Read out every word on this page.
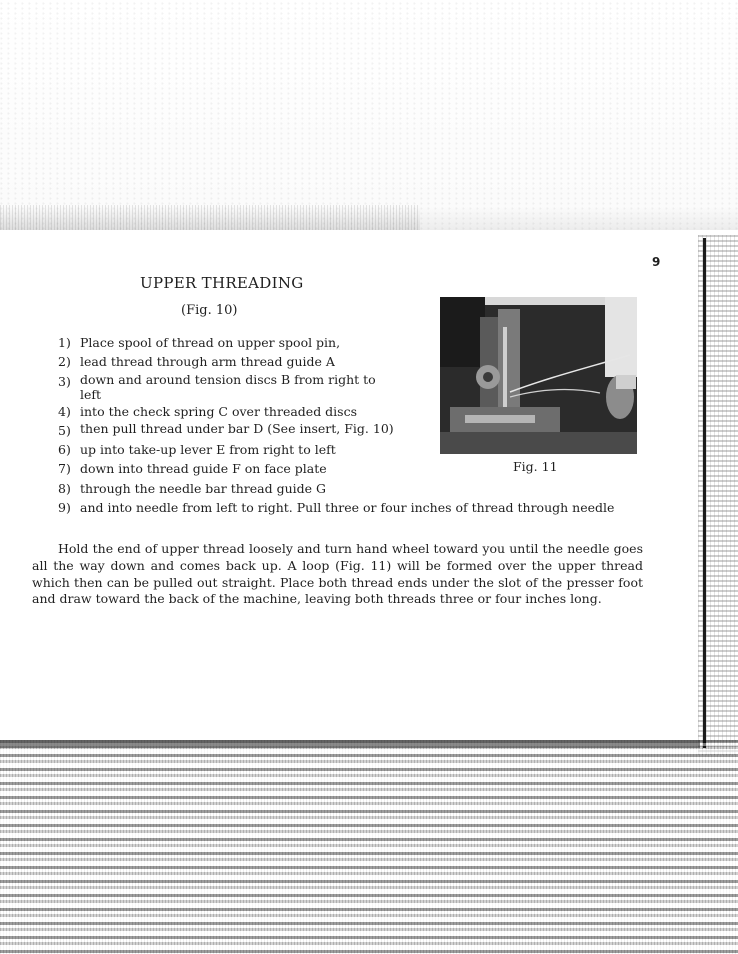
9
UPPER THREADING
(Fig. 10)
1) Place spool of thread on upper spool pin,
2) lead thread through arm thread guide A
3) down and around tension discs B from right to left
4) into the check spring C over threaded discs
5) then pull thread under bar D (See insert, Fig. 10)
6) up into take-up lever E from right to left
7) down into thread guide F on face plate
8) through the needle bar thread guide G
9) and into needle from left to right. Pull three or four inches of thread through needle
Fig. 11

Hold the end of upper thread loosely and turn hand wheel toward you until the needle goes all the way down and comes back up. A loop (Fig. 11) will be formed over the upper thread which then can be pulled out straight. Place both thread ends under the slot of the presser foot and draw toward the back of the machine, leaving both threads three or four inches long.
